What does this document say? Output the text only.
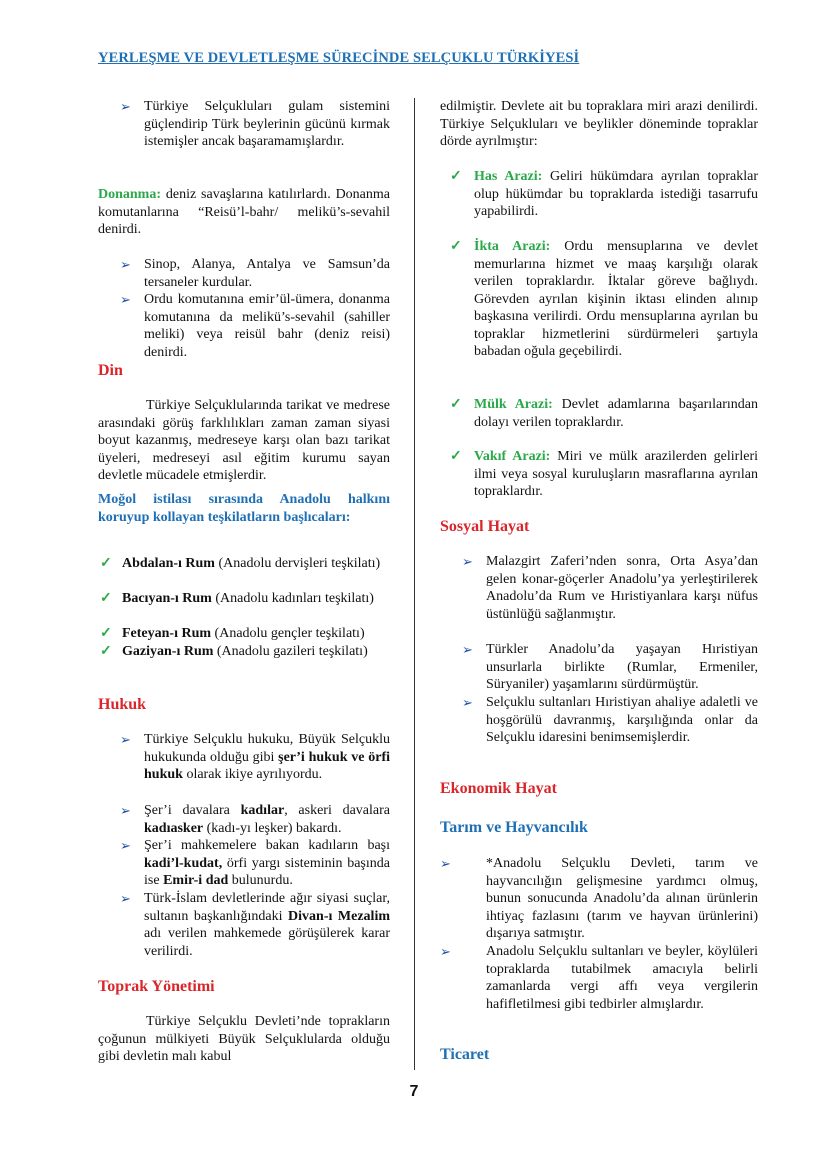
YERLEŞME VE DEVLETLEŞME SÜRECİNDE SELÇUKLU TÜRKİYESİ
➢ Türkiye Selçukluları gulam sistemini güçlendirip Türk beylerinin gücünü kırmak istemişler ancak başaramamışlardır.

Donanma: deniz savaşlarına katılırlardı. Donanma komutanlarına “Reisü’l-bahr/ melikü’s-sevahil denirdi.

➢ Sinop, Alanya, Antalya ve Samsun’da tersaneler kurdular.
➢ Ordu komutanına emir’ül-ümera, donanma komutanına da melikü’s-sevahil (sahiller meliki) veya reisül bahr (deniz reisi) denirdi.
Din

Türkiye Selçuklularında tarikat ve medrese arasındaki görüş farklılıkları zaman zaman siyasi boyut kazanmış, medreseye karşı olan bazı tarikat üyeleri, medreseyi asıl eğitim kurumu sayan devletle mücadele etmişlerdir.

Moğol istilası sırasında Anadolu halkını koruyup kollayan teşkilatların başlıcaları:

✓ Abdalan-ı Rum (Anadolu dervişleri teşkilatı)
✓ Bacıyan-ı Rum (Anadolu kadınları teşkilatı)
✓ Feteyan-ı Rum (Anadolu gençler teşkilatı)
✓ Gaziyan-ı Rum (Anadolu gazileri teşkilatı)
Hukuk
➢ Türkiye Selçuklu hukuku, Büyük Selçuklu hukukunda olduğu gibi şer’i hukuk ve örfi hukuk olarak ikiye ayrılıyordu.
➢ Şer’i davalara kadılar, askeri davalara kadıasker (kadı-yı leşker) bakardı.
➢ Şer’i mahkemelere bakan kadıların başı kadi’l-kudat, örfi yargı sisteminin başında ise Emir-i dad bulunurdu.
➢ Türk-İslam devletlerinde ağır siyasi suçlar, sultanın başkanlığındaki Divan-ı Mezalim adı verilen mahkemede görüşülerek karar verilirdi.
Toprak Yönetimi

Türkiye Selçuklu Devleti’nde toprakların çoğunun mülkiyeti Büyük Selçuklularda olduğu gibi devletin malı kabul

edilmiştir. Devlete ait bu topraklara miri arazi denilirdi. Türkiye Selçukluları ve beylikler döneminde topraklar dörde ayrılmıştır:

✓ Has Arazi: Geliri hükümdara ayrılan topraklar olup hükümdar bu topraklarda istediği tasarrufu yapabilirdi.
✓ İkta Arazi: Ordu mensuplarına ve devlet memurlarına hizmet ve maaş karşılığı olarak verilen topraklardır. İktalar göreve bağlıydı. Görevden ayrılan kişinin iktası elinden alınıp başkasına verilirdi. Ordu mensuplarına ayrılan bu topraklar hizmetlerini sürdürmeleri şartıyla babadan oğula geçebilirdi.
✓ Mülk Arazi: Devlet adamlarına başarılarından dolayı verilen topraklardır.
✓ Vakıf Arazi: Miri ve mülk arazilerden gelirleri ilmi veya sosyal kuruluşların masraflarına ayrılan topraklardır.
Sosyal Hayat
➢ Malazgirt Zaferi’nden sonra, Orta Asya’dan gelen konar-göçerler Anadolu’ya yerleştirilerek Anadolu’da Rum ve Hıristiyanlara karşı nüfus üstünlüğü sağlanmıştır.
➢ Türkler Anadolu’da yaşayan Hıristiyan unsurlarla birlikte (Rumlar, Ermeniler, Süryaniler) yaşamlarını sürdürmüştür.
➢ Selçuklu sultanları Hıristiyan ahaliye adaletli ve hoşgörülü davranmış, karşılığında onlar da Selçuklu idaresini benimsemişlerdir.
Ekonomik Hayat
Tarım ve Hayvancılık
➢	*Anadolu Selçuklu Devleti, tarım ve hayvancılığın gelişmesine yardımcı olmuş, bunun sonucunda Anadolu’da alınan ürünlerin ihtiyaç fazlasını (tarım ve hayvan ürünlerini) dışarıya satmıştır.
➢	Anadolu Selçuklu sultanları ve beyler, köylüleri topraklarda tutabilmek amacıyla belirli zamanlarda vergi affı veya vergilerin hafifletilmesi gibi tedbirler almışlardır.
Ticaret
7
